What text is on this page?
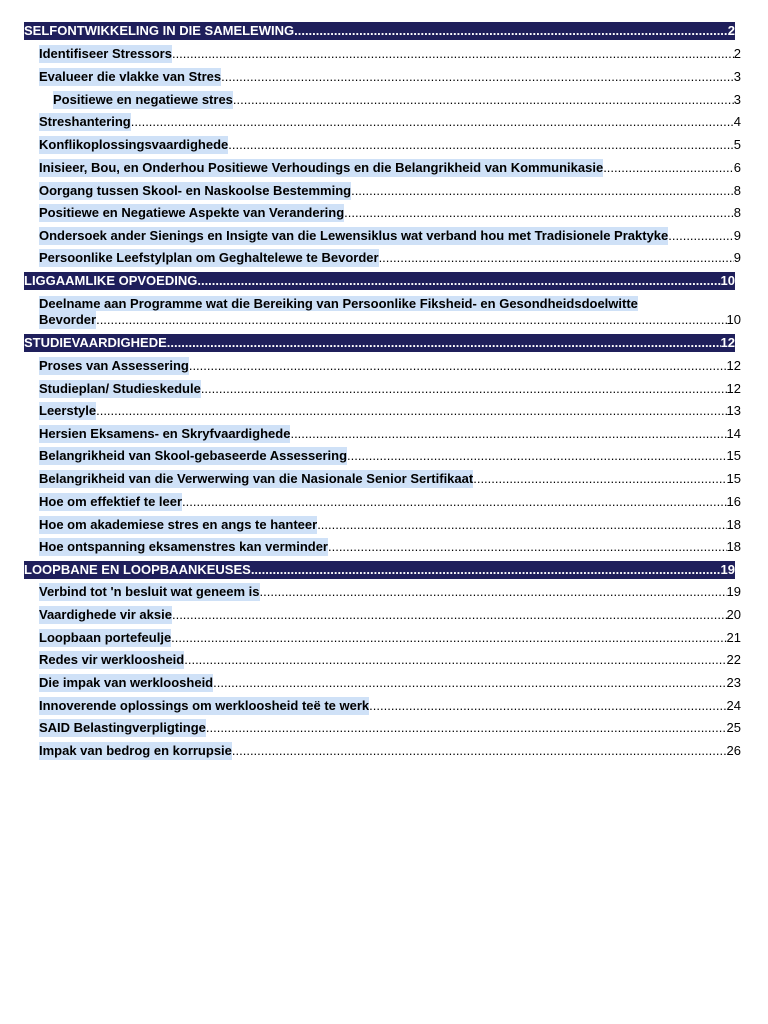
SELFONTWIKKELING IN DIE SAMELEWING .....	2
Identifiseer Stressors .....	2
Evalueer die vlakke van Stres .....	3
Positiewe en negatiewe stres .....	3
Streshantering .....	4
Konflikoplossingsvaardighede .....	5
Inisieer, Bou, en Onderhou Positiewe Verhoudings en die Belangrikheid van Kommunikasie .....	6
Oorgang tussen Skool- en Naskoolse Bestemming .....	8
Positiewe en Negatiewe Aspekte van Verandering .....	8
Ondersoek ander Sienings en Insigte van die Lewensiklus wat verband hou met Tradisionele Praktyke .....	9
Persoonlike Leefstylplan om Geghaltelewe te Bevorder .....	9
LIGGAAMLIKE OPVOEDING .....	10
Deelname aan Programme wat die Bereiking van Persoonlike Fiksheid- en Gesondheidsdoelwitte
Bevorder .....	10
STUDIEVAARDIGHEDE .....	12
Proses van Assessering .....	12
Studieplan/ Studieskedule .....	12
Leerstyle .....	13
Hersien Eksamens- en Skryfvaardighede .....	14
Belangrikheid van Skool-gebaseerde Assessering .....	15
Belangrikheid van die Verwerwing van die Nasionale Senior Sertifikaat .....	15
Hoe om effektief te leer .....	16
Hoe om akademiese stres en angs te hanteer .....	18
Hoe ontspanning eksamenstres kan verminder .....	18
LOOPBANE EN LOOPBAANKEUSES .....	19
Verbind tot 'n besluit wat geneem is .....	19
Vaardighede vir aksie .....	20
Loopbaan portefeulje .....	21
Redes vir werkloosheid .....	22
Die impak van werkloosheid .....	23
Innoverende oplossings om werkloosheid teë te werk .....	24
SAID Belastingverpligtinge .....	25
Impak van bedrog en korrupsie .....	26
